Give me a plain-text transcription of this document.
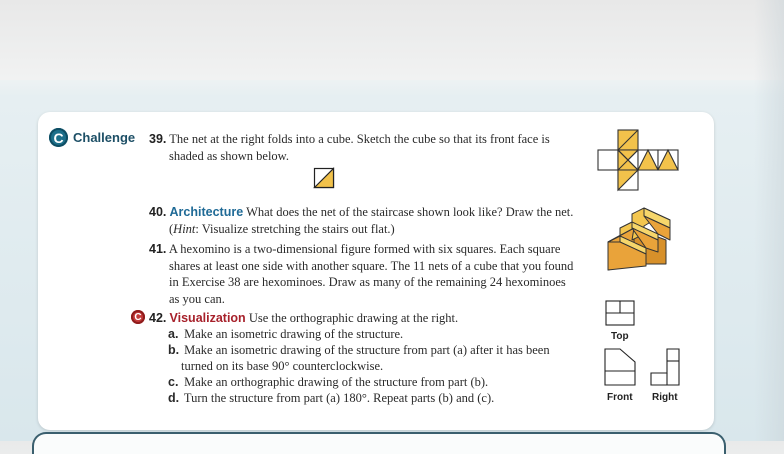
C Challenge 39. The net at the right folds into a cube. Sketch the cube so that its front face is
shaded as shown below.
40. Architecture What does the net of the staircase shown look like? Draw the net.
(Hint: Visualize stretching the stairs out flat.)
41. A hexomino is a two-dimensional figure formed with six squares. Each square
shares at least one side with another square. The 11 nets of a cube that you found
in Exercise 38 are hexominoes. Draw as many of the remaining 24 hexominoes
as you can.
C 42. Visualization Use the orthographic drawing at the right.
a. Make an isometric drawing of the structure.
b. Make an isometric drawing of the structure from part (a) after it has been
turned on its base 90° counterclockwise.
c. Make an orthographic drawing of the structure from part (b).
d. Turn the structure from part (a) 180°. Repeat parts (b) and (c).
Top
Front Right
